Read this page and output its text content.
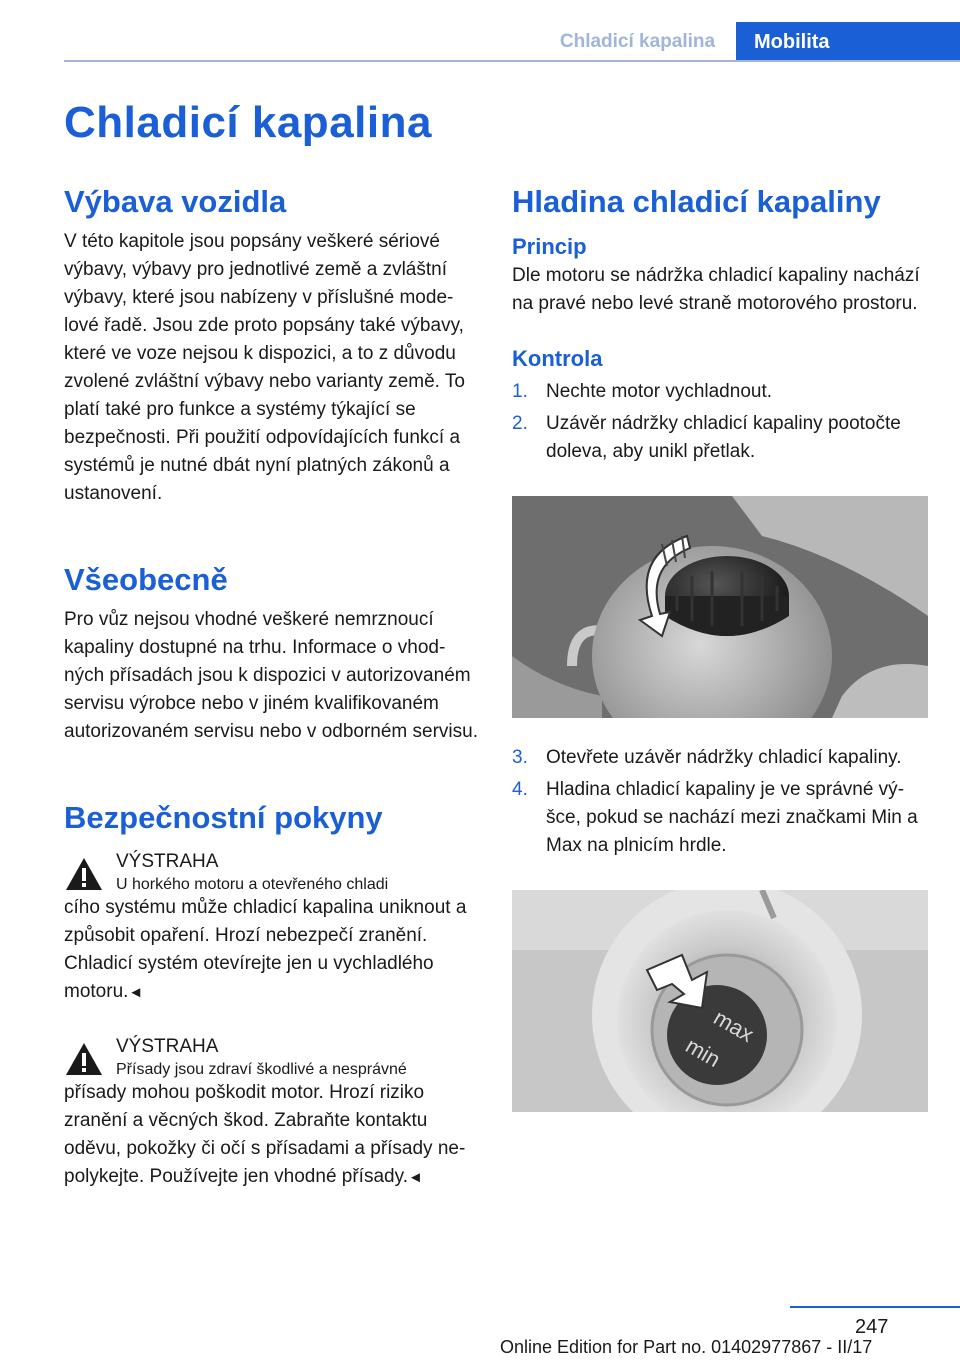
Chladicí kapalina	Mobilita
Chladicí kapalina
Výbava vozidla

V této kapitole jsou popsány veškeré sériové výbavy, výbavy pro jednotlivé země a zvláštní výbavy, které jsou nabízeny v příslušné modelové řadě. Jsou zde proto popsány také výbavy, které ve voze nejsou k dispozici, a to z důvodu zvolené zvláštní výbavy nebo varianty země. To platí také pro funkce a systémy týkající se bezpečnosti. Při použití odpovídajících funkcí a systémů je nutné dbát nyní platných zákonů a ustanovení.

Všeobecně

Pro vůz nejsou vhodné veškeré nemrznoucí kapaliny dostupné na trhu. Informace o vhodných přísadách jsou k dispozici v autorizovaném servisu výrobce nebo v jiném kvalifikovaném autorizovaném servisu nebo v odborném servisu.

Bezpečnostní pokyny
VÝSTRAHA
U horkého motoru a otevřeného chladi

cího systému může chladicí kapalina uniknout a způsobit opaření. Hrozí nebezpečí zranění. Chladicí systém otevírejte jen u vychladlého motoru.◄

VÝSTRAHA
Přísady jsou zdraví škodlivé a nesprávné

přísady mohou poškodit motor. Hrozí riziko zranění a věcných škod. Zabraňte kontaktu oděvu, pokožky či očí s přísadami a přísady nepolykejte. Používejte jen vhodné přísady.◄

Hladina chladicí kapaliny
Princip

Dle motoru se nádržka chladicí kapaliny nachází na pravé nebo levé straně motorového prostoru.

Kontrola
1. Nechte motor vychladnout.
2. Uzávěr nádržky chladicí kapaliny pootočte doleva, aby unikl přetlak.
3. Otevřete uzávěr nádržky chladicí kapaliny.
4. Hladina chladicí kapaliny je ve správné výšce, pokud se nachází mezi značkami Min a Max na plnicím hrdle.
max
min
247
Online Edition for Part no. 01402977867 - II/17
